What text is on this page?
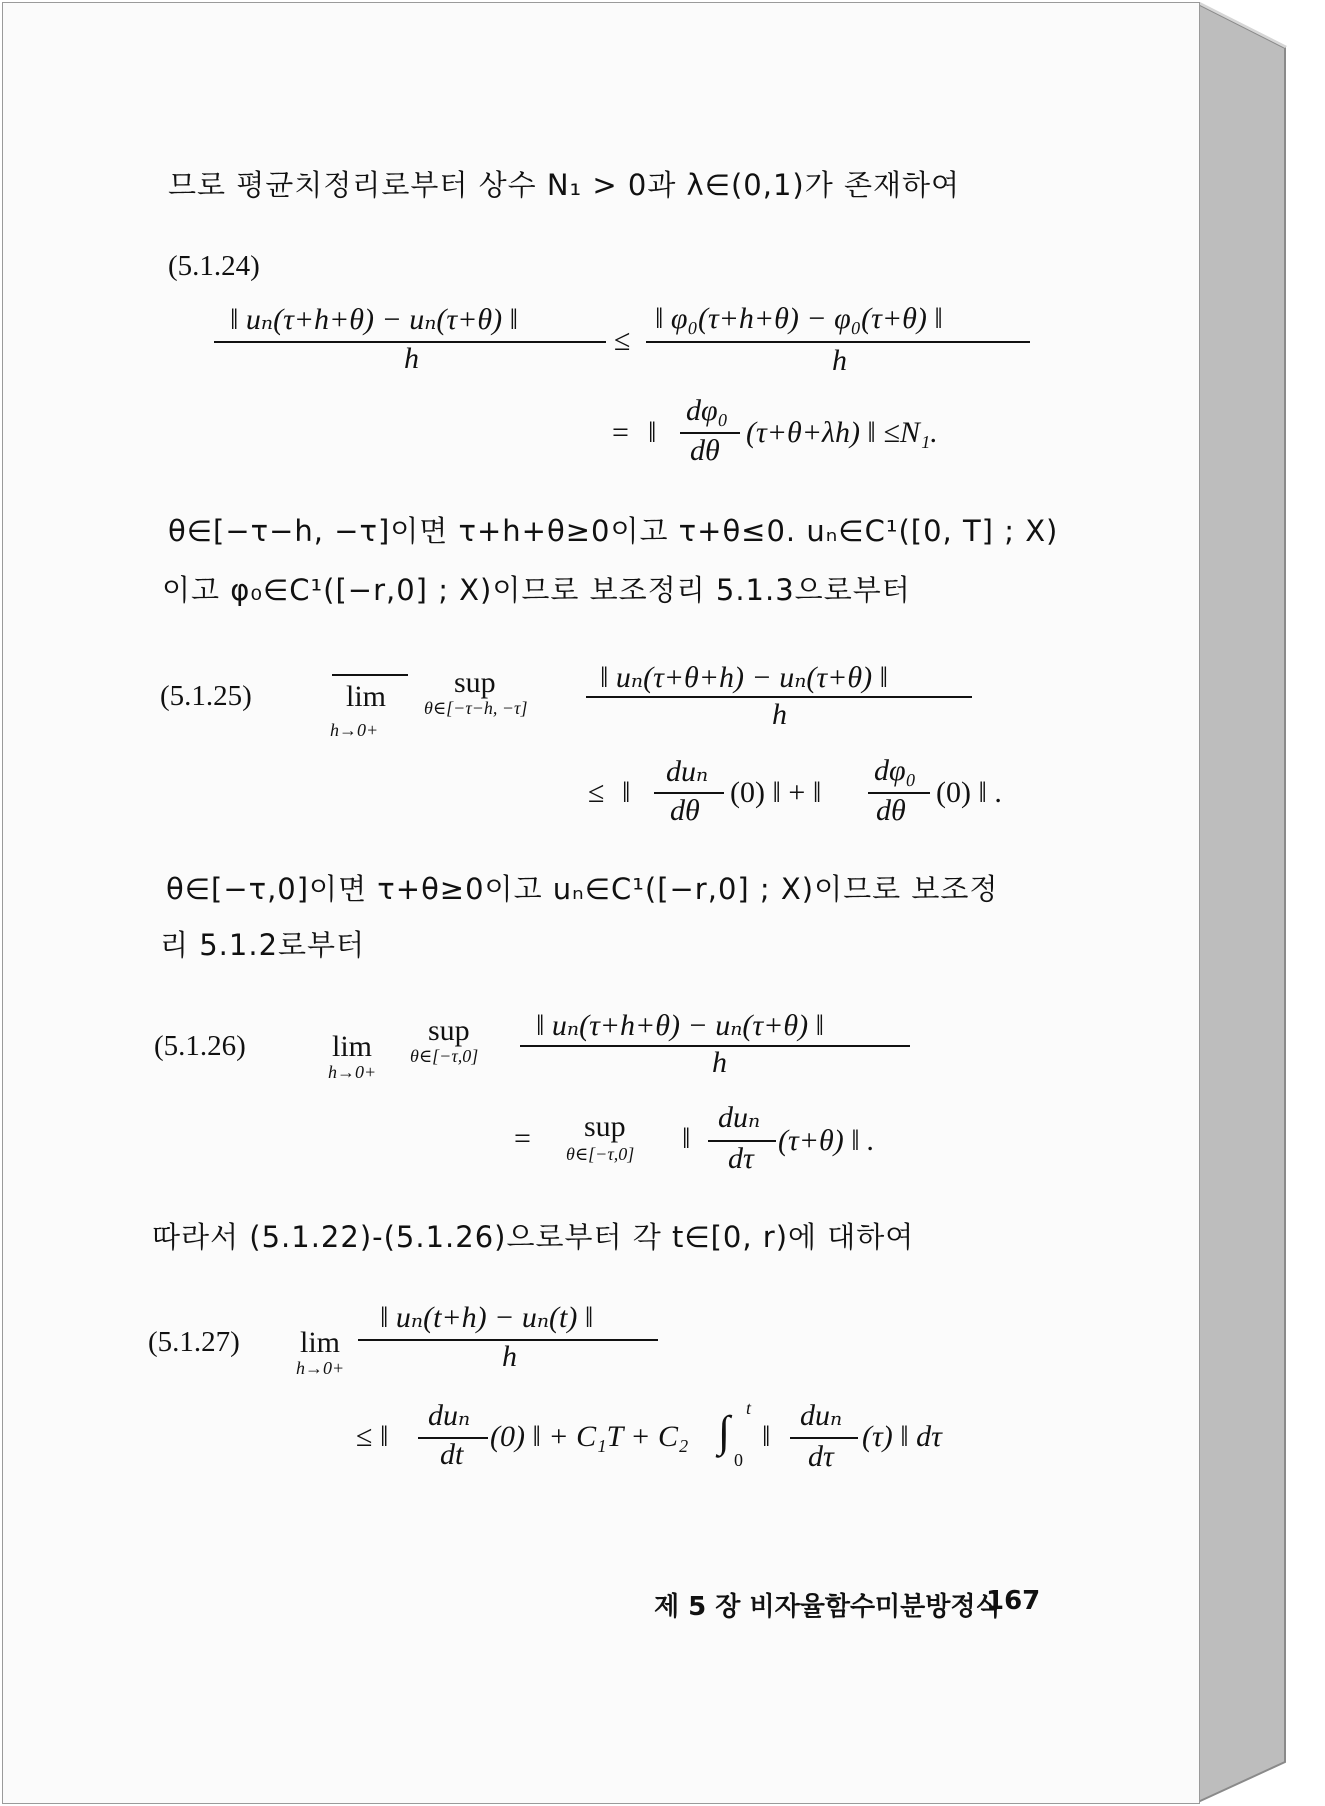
므로 평균치정리로부터 상수 N₁ > 0과 λ∈(0,1)가 존재하여
(5.1.24)
‖ uₙ(τ+h+θ) − uₙ(τ+θ) ‖
h
≤
‖ φ₀(τ+h+θ) − φ₀(τ+θ) ‖
h
= ‖
dφ₀
dθ
(τ+θ+λh) ‖ ≤N₁.
θ∈[−τ−h, −τ]이면 τ+h+θ≥0이고 τ+θ≤0. uₙ∈C¹([0, T] ; X)
이고 φ₀∈C¹([−r,0] ; X)이므로 보조정리 5.1.3으로부터
(5.1.25)	lim
h→0+
sup
θ∈[−τ−h, −τ]
‖ uₙ(τ+θ+h) − uₙ(τ+θ) ‖
h
≤ ‖
duₙ
dθ
(0) ‖ + ‖
dφ₀
dθ
(0) ‖ .
θ∈[−τ,0]이면 τ+θ≥0이고 uₙ∈C¹([−r,0] ; X)이므로 보조정
리 5.1.2로부터
(5.1.26)	lim
h→0+
sup
θ∈[−τ,0]
‖ uₙ(τ+h+θ) − uₙ(τ+θ) ‖
h
= sup
θ∈[−τ,0] ‖
duₙ
dτ
(τ+θ) ‖ .
따라서 (5.1.22)-(5.1.26)으로부터 각 t∈[0, r)에 대하여
(5.1.27) lim
h→0+
‖ uₙ(t+h) − uₙ(t) ‖
h
≤ ‖
duₙ
dt
(0) ‖ + C₁T + C₂ ∫ t
0
‖
duₙ
dτ
(τ) ‖ dτ
제 5 장 비자율함수미분방정식
167
